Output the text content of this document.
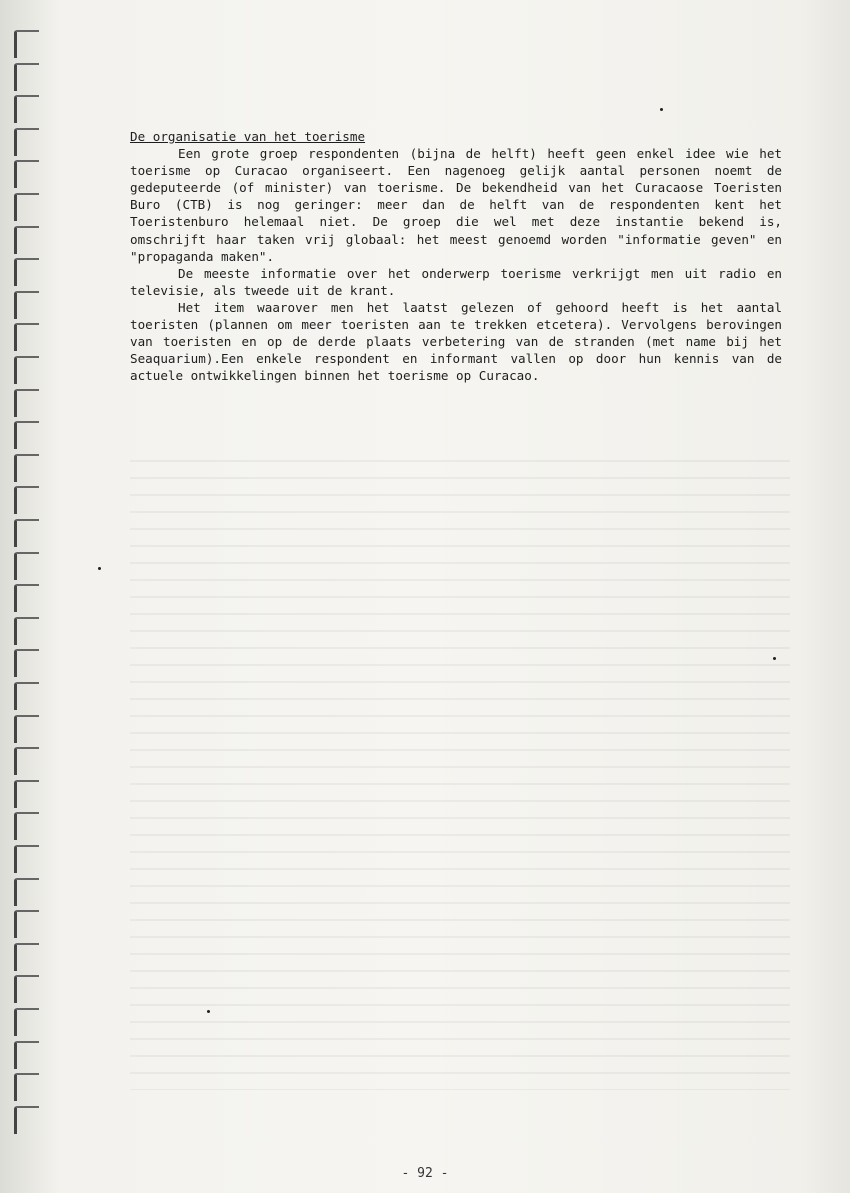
De organisatie van het toerisme

Een grote groep respondenten (bijna de helft) heeft geen enkel idee wie het toerisme op Curacao organiseert. Een nagenoeg gelijk aantal personen noemt de gedeputeerde (of minister) van toerisme. De bekendheid van het Curacaose Toeristen Buro (CTB) is nog geringer: meer dan de helft van de respondenten kent het Toeristenburo helemaal niet. De groep die wel met deze instantie bekend is, omschrijft haar taken vrij globaal: het meest genoemd worden "informatie geven" en "propaganda maken".

De meeste informatie over het onderwerp toerisme verkrijgt men uit radio en televisie, als tweede uit de krant.

Het item waarover men het laatst gelezen of gehoord heeft is het aantal toeristen (plannen om meer toeristen aan te trekken etcetera). Vervolgens berovingen van toeristen en op de derde plaats verbetering van de stranden (met name bij het Seaquarium).Een enkele respondent en informant vallen op door hun kennis van de actuele ontwikkelingen binnen het toerisme op Curacao.

- 92 -
